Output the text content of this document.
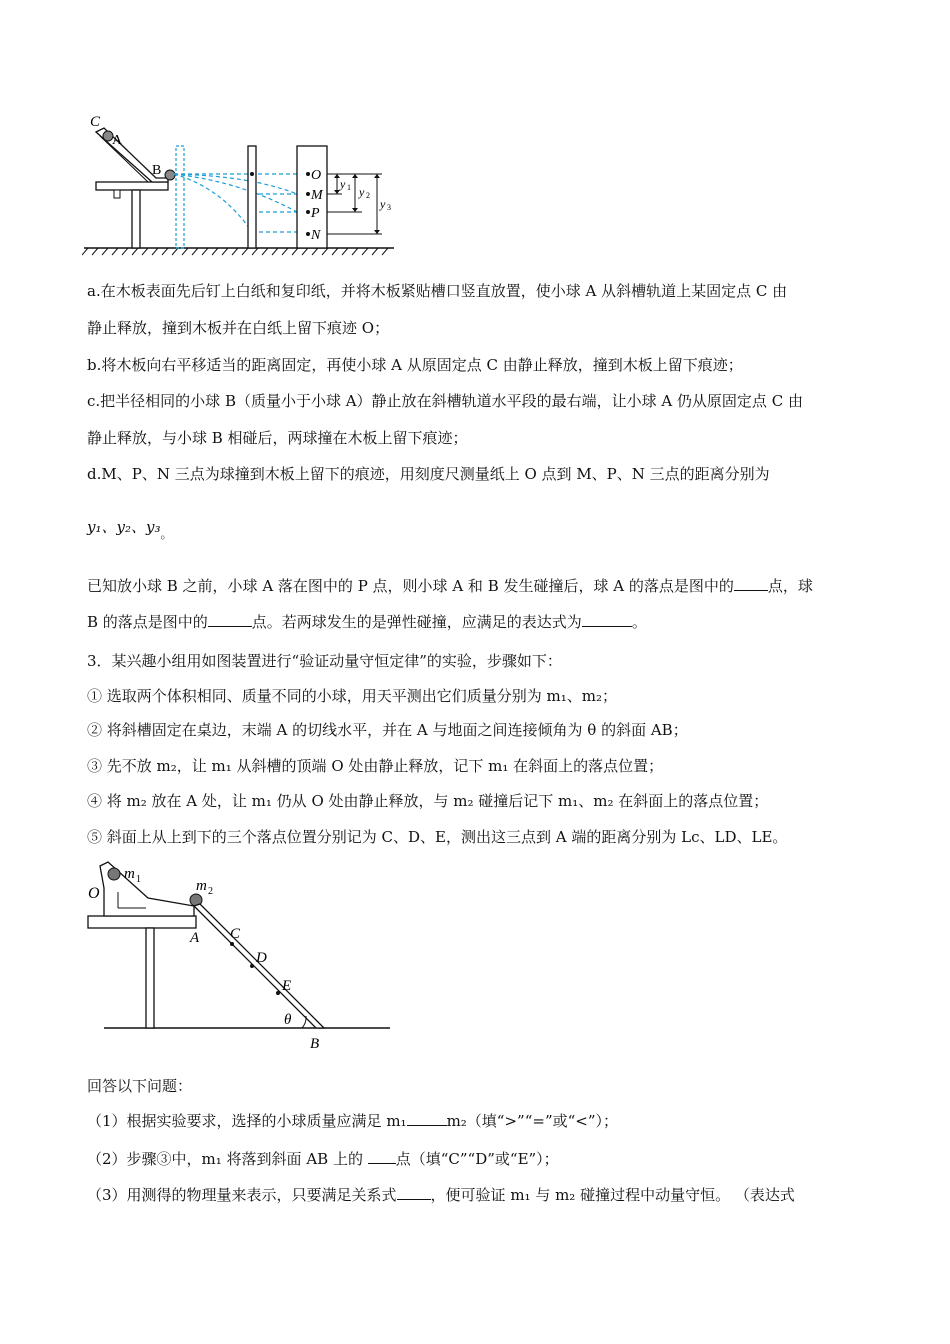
C
A
B	O
M
P
N
y 1 y 2
y 3
a.在木板表面先后钉上白纸和复印纸，并将木板紧贴槽口竖直放置，使小球 A 从斜槽轨道上某固定点 C 由
静止释放，撞到木板并在白纸上留下痕迹 O；
b.将木板向右平移适当的距离固定，再使小球 A 从原固定点 C 由静止释放，撞到木板上留下痕迹；
c.把半径相同的小球 B（质量小于小球 A）静止放在斜槽轨道水平段的最右端，让小球 A 仍从原固定点 C 由
静止释放，与小球 B 相碰后，两球撞在木板上留下痕迹；
d.M、P、N 三点为球撞到木板上留下的痕迹，用刻度尺测量纸上 O 点到 M、P、N 三点的距离分别为
y₁、y₂、$y_3_。$
已知放小球 B 之前，小球 A 落在图中的 P 点，则小球 A 和 B 发生碰撞后，球 A 的落点是图中的 点，球
B 的落点是图中的	点。若两球发生的是弹性碰撞，应满足的表达式为	。
3．某兴趣小组用如图装置进行“验证动量守恒定律”的实验，步骤如下：
① 选取两个体积相同、质量不同的小球，用天平测出它们质量分别为 m₁、m₂；
② 将斜槽固定在桌边，末端 A 的切线水平，并在 A 与地面之间连接倾角为 θ 的斜面 AB；
③ 先不放 m₂，让 m₁ 从斜槽的顶端 O 处由静止释放，记下 m₁ 在斜面上的落点位置；
④ 将 m₂ 放在 A 处，让 m₁ 仍从 O 处由静止释放，与 m₂ 碰撞后记下 m₁、m₂ 在斜面上的落点位置；
⑤ 斜面上从上到下的三个落点位置分别记为 C、D、E，测出这三点到 A 端的距离分别为 Lc、LD、LE。
m 1	m 2
O
A C
D
E
θ
B
回答以下问题：
（1）根据实验要求，选择的小球质量应满足 m₁	m₂（填“>”“=”或“<”）；
（2）步骤③中，m₁ 将落到斜面 AB 上的 点（填“C”“D”或“E”）；
（3）用测得的物理量来表示，只要满足关系式 ，便可验证 m₁ 与 m₂ 碰撞过程中动量守恒。 （表达式
